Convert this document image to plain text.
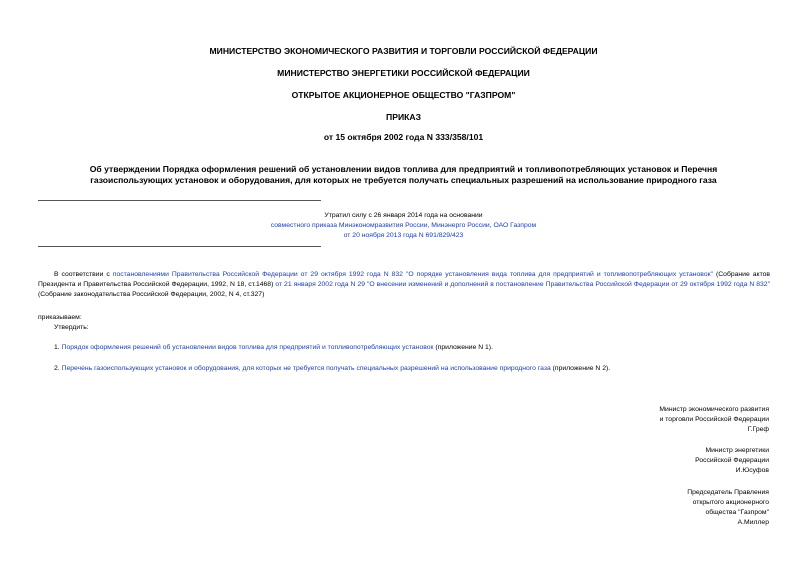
МИНИСТЕРСТВО ЭКОНОМИЧЕСКОГО РАЗВИТИЯ И ТОРГОВЛИ РОССИЙСКОЙ ФЕДЕРАЦИИ
МИНИСТЕРСТВО ЭНЕРГЕТИКИ РОССИЙСКОЙ ФЕДЕРАЦИИ
ОТКРЫТОЕ АКЦИОНЕРНОЕ ОБЩЕСТВО "ГАЗПРОМ"
ПРИКАЗ
от 15 октября 2002 года N 333/358/101
Об утверждении Порядка оформления решений об установлении видов топлива для предприятий и топливопотребляющих установок и Перечня
газоиспользующих установок и оборудования, для которых не требуется получать специальных разрешений на использование природного газа
Утратил силу с 26 января 2014 года на основании
совместного приказа Минэкономразвития России, Минэнерго России, ОАО Газпром
от 20 ноября 2013 года N 691/829/423
В соответствии с постановлениями Правительства Российской Федерации от 29 октября 1992 года N 832 "О порядке установления вида топлива для предприятий и топливопотребляющих установок" (Собрание актов Президента и Правительства Российской Федерации, 1992, N 18, ст.1468) от 21 января 2002 года N 29 "О внесении изменений и дополнений в постановление Правительства Российской Федерации от 29 октября 1992 года N 832" (Собрание законодательства Российской Федерации, 2002, N 4, ст.327)
приказываем:
Утвердить:
1. Порядок оформления решений об установлении видов топлива для предприятий и топливопотребляющих установок (приложение N 1).
2. Перечень газоиспользующих установок и оборудования, для которых не требуется получать специальных разрешений на использование природного газа (приложение N 2).
Министр экономического развития
и торговли Российской Федерации
Г.Греф
Министр энергетики
Российской Федерации
И.Юсуфов
Председатель Правления
открытого акционерного
общества "Газпром"
А.Миллер
